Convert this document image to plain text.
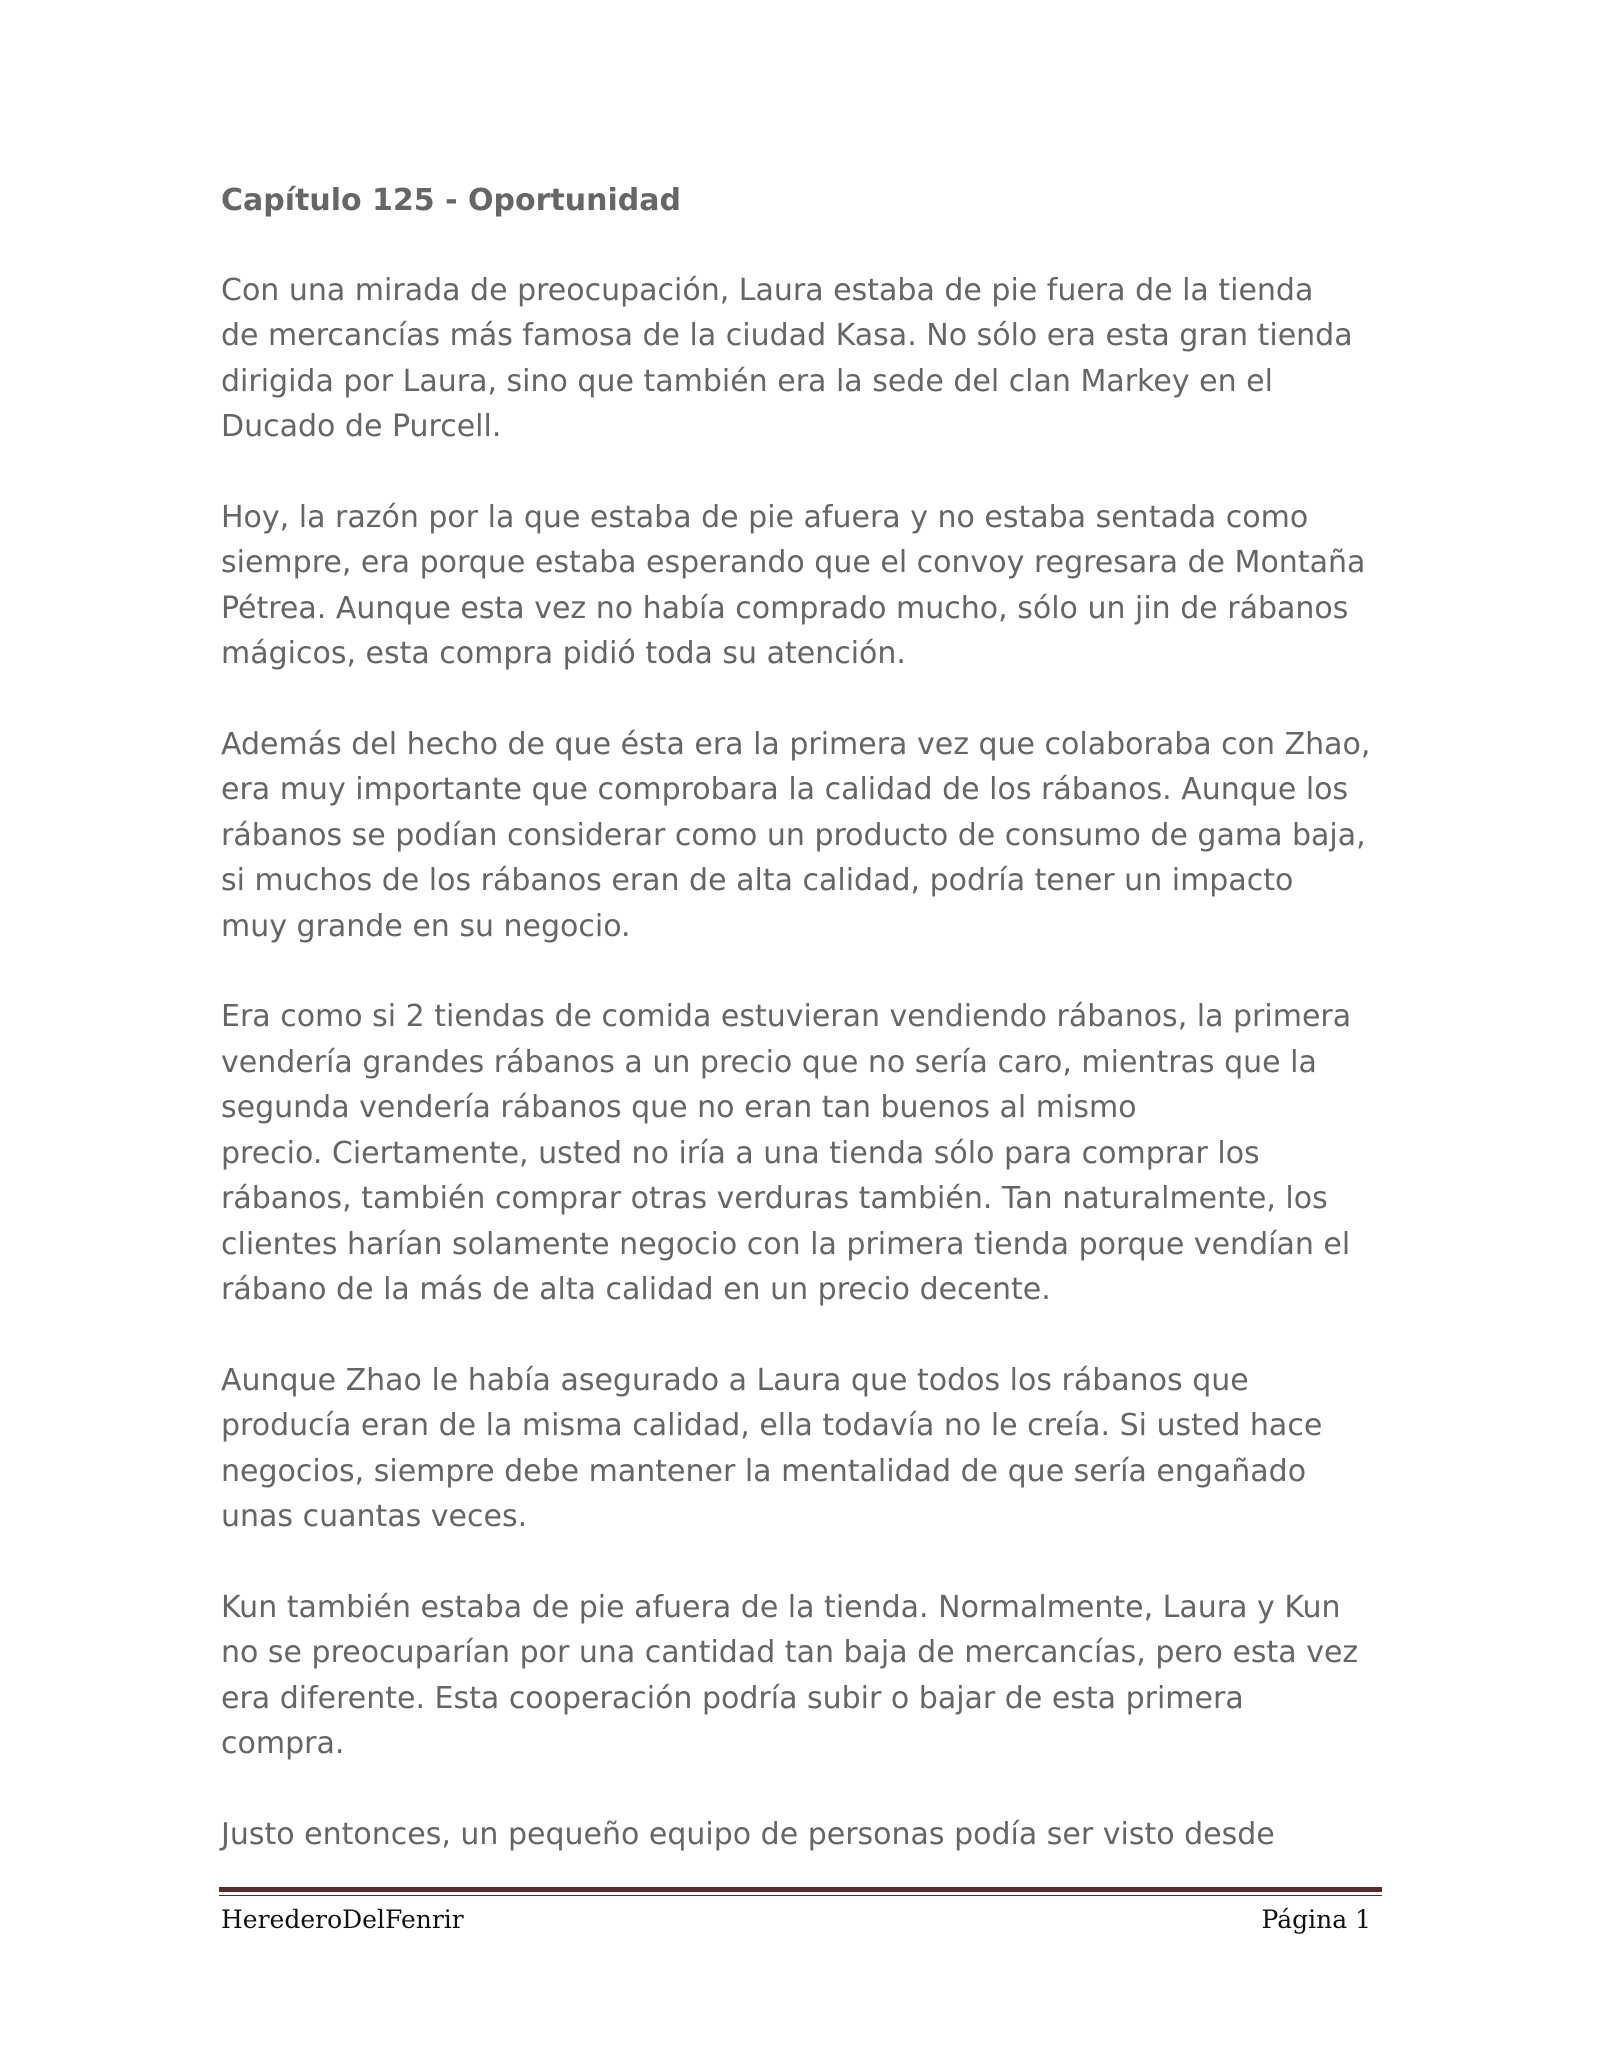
Capítulo 125 - Oportunidad
Con una mirada de preocupación, Laura estaba de pie fuera de la tienda
de mercancías más famosa de la ciudad Kasa. No sólo era esta gran tienda
dirigida por Laura, sino que también era la sede del clan Markey en el
Ducado de Purcell.
Hoy, la razón por la que estaba de pie afuera y no estaba sentada como
siempre, era porque estaba esperando que el convoy regresara de Montaña
Pétrea. Aunque esta vez no había comprado mucho, sólo un jin de rábanos
mágicos, esta compra pidió toda su atención.
Además del hecho de que ésta era la primera vez que colaboraba con Zhao,
era muy importante que comprobara la calidad de los rábanos. Aunque los
rábanos se podían considerar como un producto de consumo de gama baja,
si muchos de los rábanos eran de alta calidad, podría tener un impacto
muy grande en su negocio.
Era como si 2 tiendas de comida estuvieran vendiendo rábanos, la primera
vendería grandes rábanos a un precio que no sería caro, mientras que la
segunda vendería rábanos que no eran tan buenos al mismo
precio. Ciertamente, usted no iría a una tienda sólo para comprar los
rábanos, también comprar otras verduras también. Tan naturalmente, los
clientes harían solamente negocio con la primera tienda porque vendían el
rábano de la más de alta calidad en un precio decente.
Aunque Zhao le había asegurado a Laura que todos los rábanos que
producía eran de la misma calidad, ella todavía no le creía. Si usted hace
negocios, siempre debe mantener la mentalidad de que sería engañado
unas cuantas veces.
Kun también estaba de pie afuera de la tienda. Normalmente, Laura y Kun
no se preocuparían por una cantidad tan baja de mercancías, pero esta vez
era diferente. Esta cooperación podría subir o bajar de esta primera
compra.
Justo entonces, un pequeño equipo de personas podía ser visto desde
HerederoDelFenrir	Página 1
